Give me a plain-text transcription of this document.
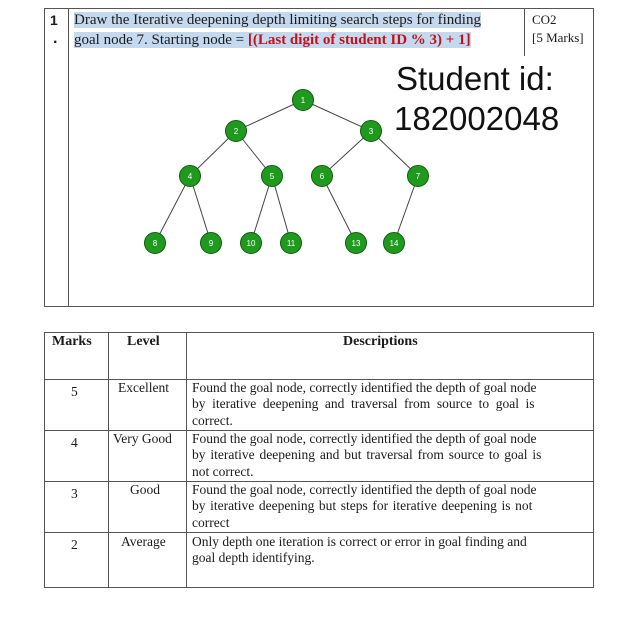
1
.
Draw the Iterative deepening depth limiting search steps for finding
goal node 7. Starting node = [(Last digit of student ID % 3) + 1]
CO2
[5 Marks]
Student id:
182002048
1
2	3
4	5	6	7
8	9	10	11	13	14
Marks	Level	Descriptions
5	Excellent Found the goal node, correctly identified the depth of goal node
by iterative deepening and traversal from source to goal is
correct.
4	Very Good Found the goal node, correctly identified the depth of goal node
by iterative deepening and but traversal from source to goal is
not correct.
3	Good Found the goal node, correctly identified the depth of goal node
by iterative deepening but steps for iterative deepening is not
correct
2	Average Only depth one iteration is correct or error in goal finding and
goal depth identifying.
